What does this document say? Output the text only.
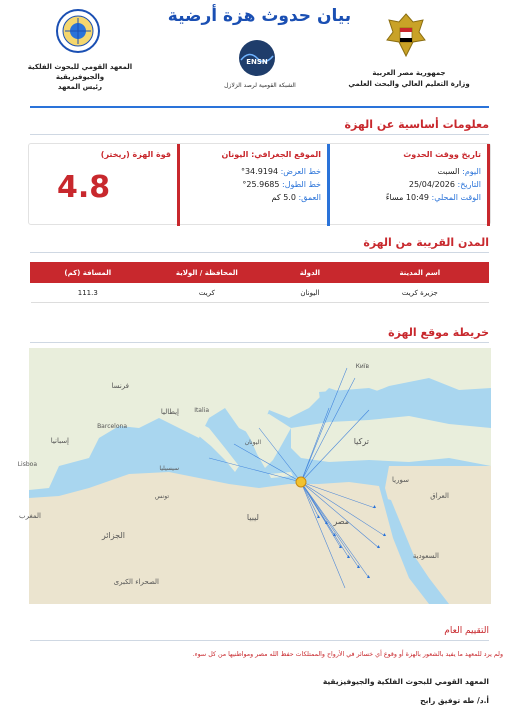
بيان حدوث هزة أرضية
المعهد القومي للبحوث الفلكية
والجيوفيزيقية
رئيس المعهد
ENSN
الشبكة القومية لرصد الزلازل
جمهورية مصر العربية
وزارة التعليم العالي والبحث العلمي
معلومات أساسية عن الهزة
تاريخ ووقت الحدوث
اليوم: السبت
التاريخ: 25/04/2026
الوقت المحلي: 10:49 مساءً
الموقع الجغرافي: اليونان
خط العرض: 34.9194°
خط الطول: 25.9685°
العمق: 5.0 كم
قوة الهزة (ريختر)
4.8
المدن القريبة من الهزة
اسم المدينة	الدولة	المحافظة / الولاية	المسافة (كم)
جزيرة كريت	اليونان	كريت	111.3
خريطة موقع الهزة
إيطاليا	Italia
فرنسا
إسبانيا
Barcelona
Lisboa
Київ
سيسيليا
اليونان	تركيا
سوريا
العراق
مصر
ليبيا
الجزائر
تونس
المغرب
السعودية
الصحراء الكبرى
التقييم العام
ولم يرد للمعهد ما يفيد بالشعور بالهزة أو وقوع أي خسائر في الأرواح والممتلكات حفظ الله مصر ومواطنيها من كل سوء.
المعهد القومي للبحوث الفلكية والجيوفيزيقية
أ.د/ طه توفيق رابح
